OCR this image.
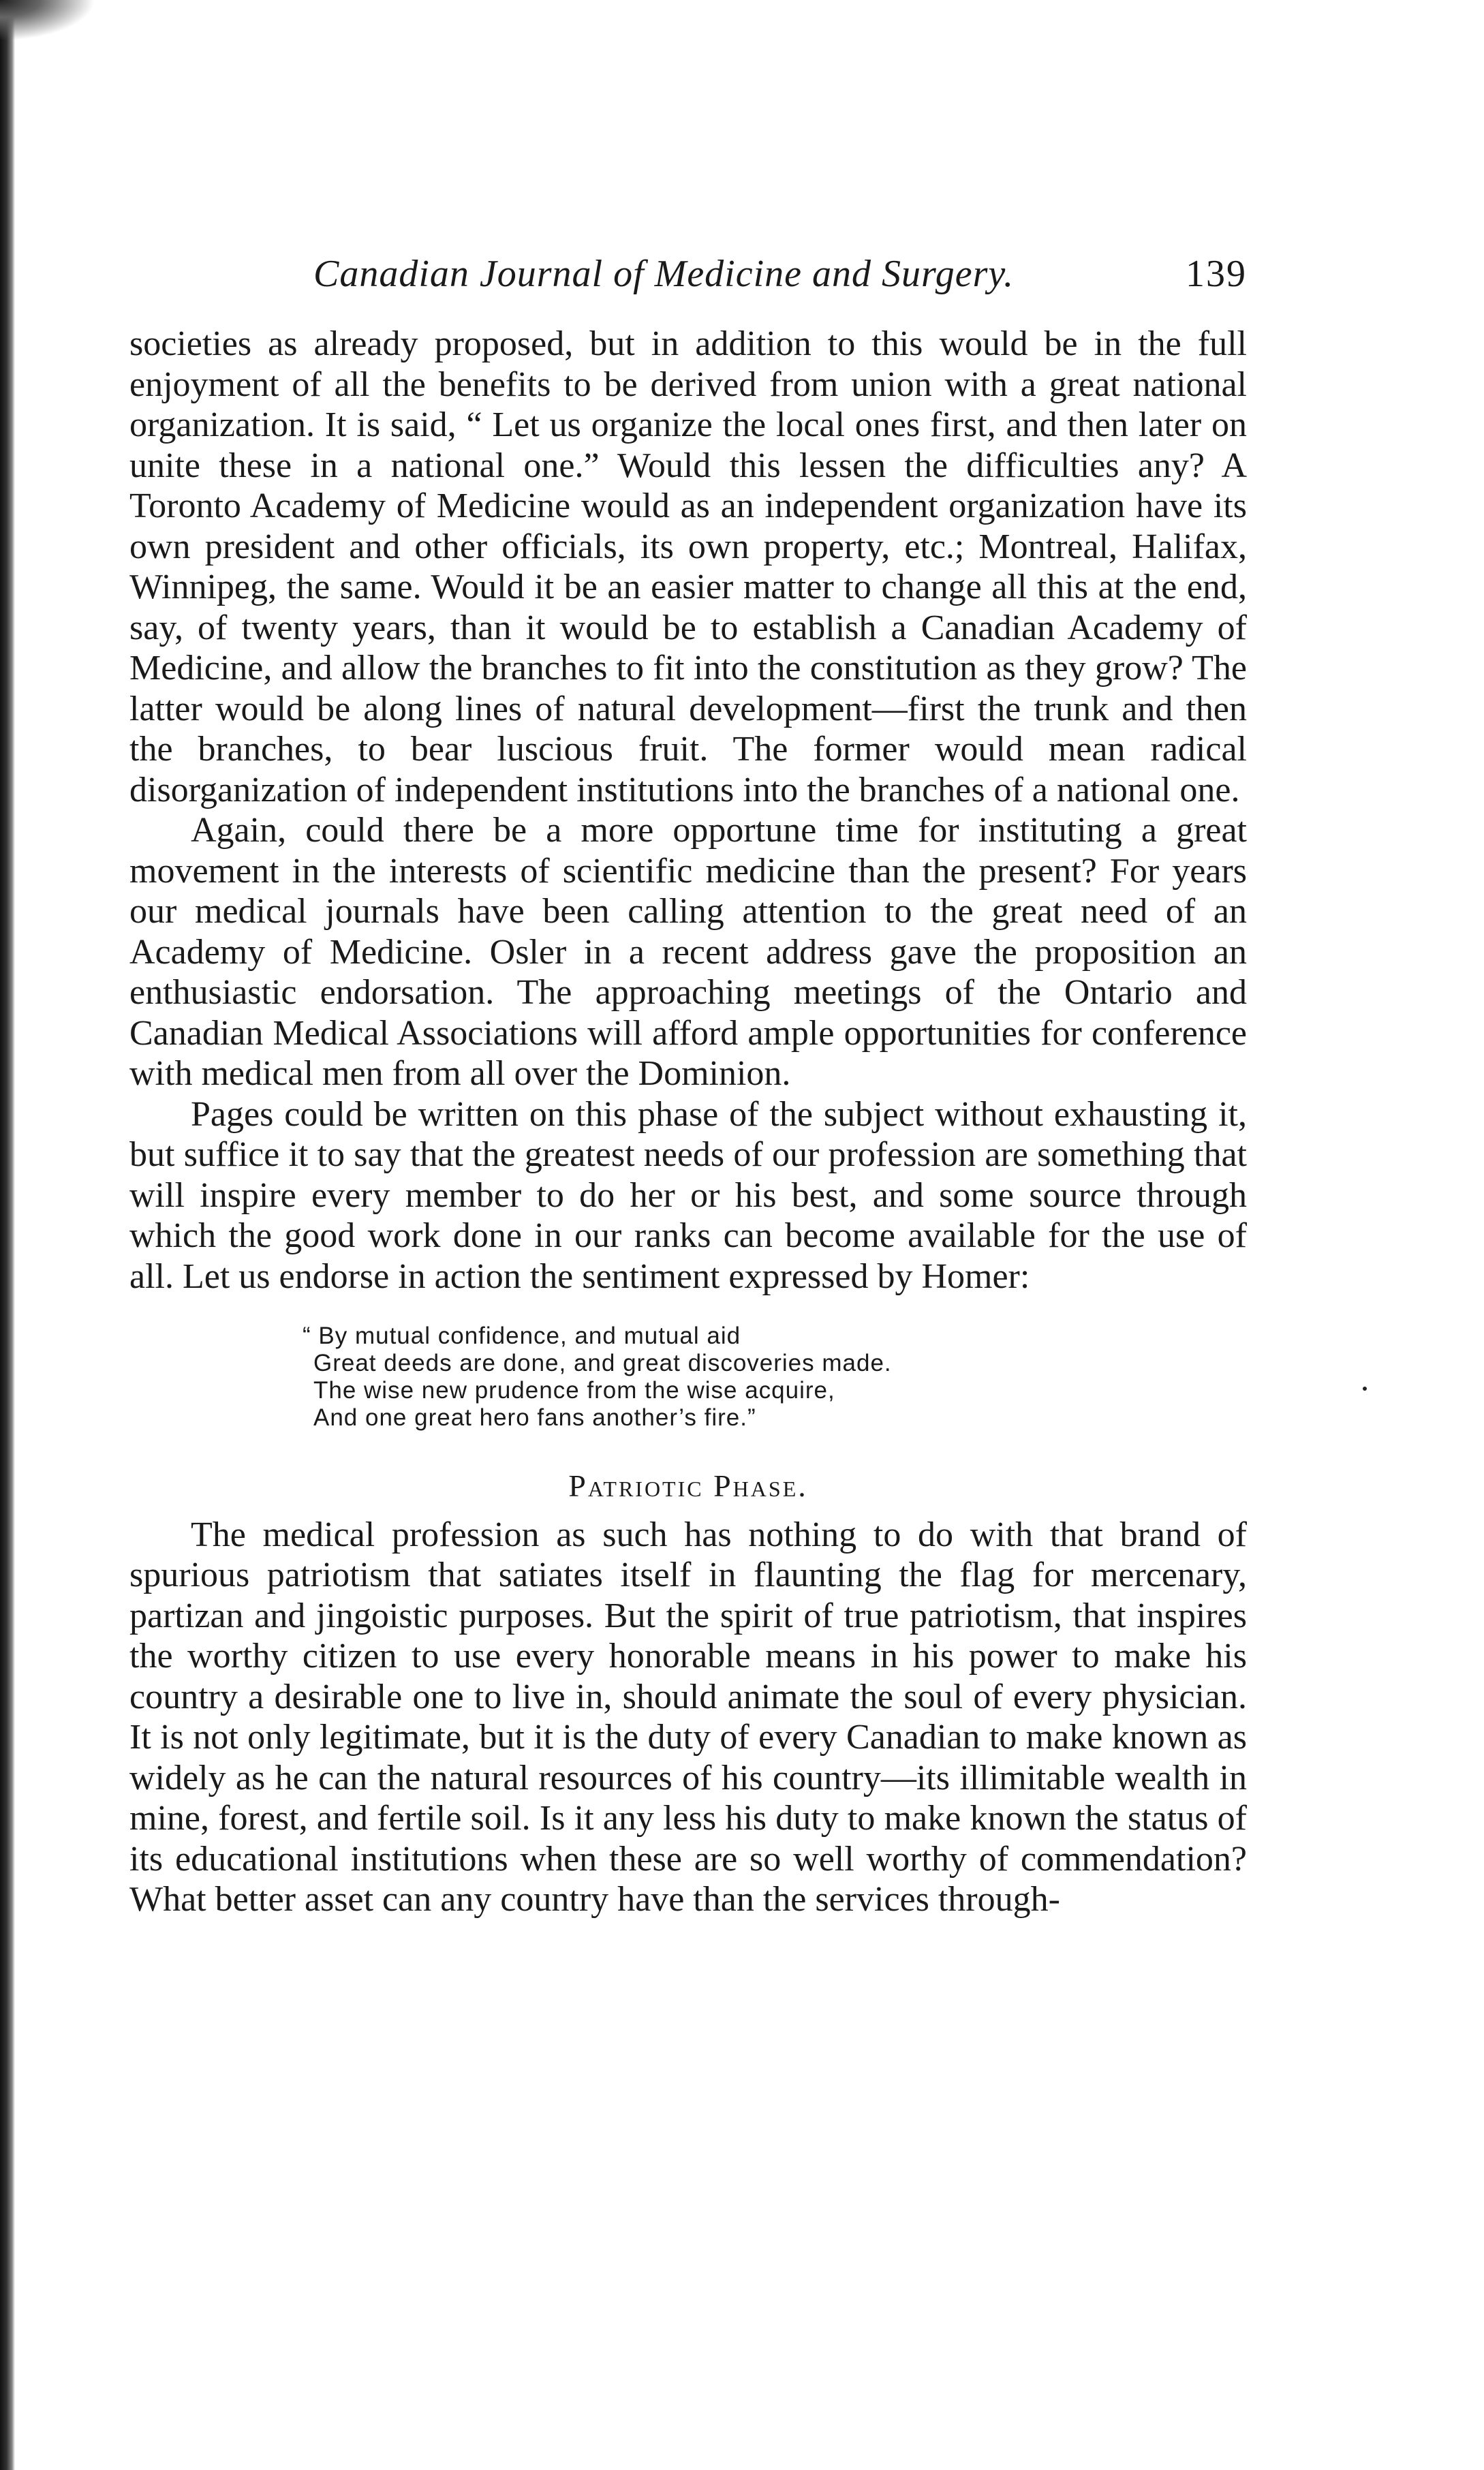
Canadian Journal of Medicine and Surgery.	139

societies as already proposed, but in addition to this would be in the full enjoyment of all the benefits to be derived from union with a great national organization. It is said, “ Let us organize the local ones first, and then later on unite these in a national one.” Would this lessen the difficulties any? A Toronto Academy of Medicine would as an independent organization have its own president and other officials, its own property, etc.; Montreal, Halifax, Winnipeg, the same. Would it be an easier matter to change all this at the end, say, of twenty years, than it would be to establish a Canadian Academy of Medicine, and allow the branches to fit into the constitution as they grow? The latter would be along lines of natural development—first the trunk and then the branches, to bear luscious fruit. The former would mean radical disorganization of independent institutions into the branches of a national one.

Again, could there be a more opportune time for instituting a great movement in the interests of scientific medicine than the present? For years our medical journals have been calling attention to the great need of an Academy of Medicine. Osler in a recent address gave the proposition an enthusiastic endorsation. The approaching meetings of the Ontario and Canadian Medical Associations will afford ample opportunities for conference with medical men from all over the Dominion.

Pages could be written on this phase of the subject without exhausting it, but suffice it to say that the greatest needs of our profession are something that will inspire every member to do her or his best, and some source through which the good work done in our ranks can become available for the use of all. Let us endorse in action the sentiment expressed by Homer:

“ By mutual confidence, and mutual aid
Great deeds are done, and great discoveries made.
The wise new prudence from the wise acquire,
And one great hero fans another’s fire.”
Patriotic Phase.

The medical profession as such has nothing to do with that brand of spurious patriotism that satiates itself in flaunting the flag for mercenary, partizan and jingoistic purposes. But the spirit of true patriotism, that inspires the worthy citizen to use every honorable means in his power to make his country a desirable one to live in, should animate the soul of every physician. It is not only legitimate, but it is the duty of every Canadian to make known as widely as he can the natural resources of his country—its illimitable wealth in mine, forest, and fertile soil. Is it any less his duty to make known the status of its educational institutions when these are so well worthy of commendation? What better asset can any country have than the services through-
